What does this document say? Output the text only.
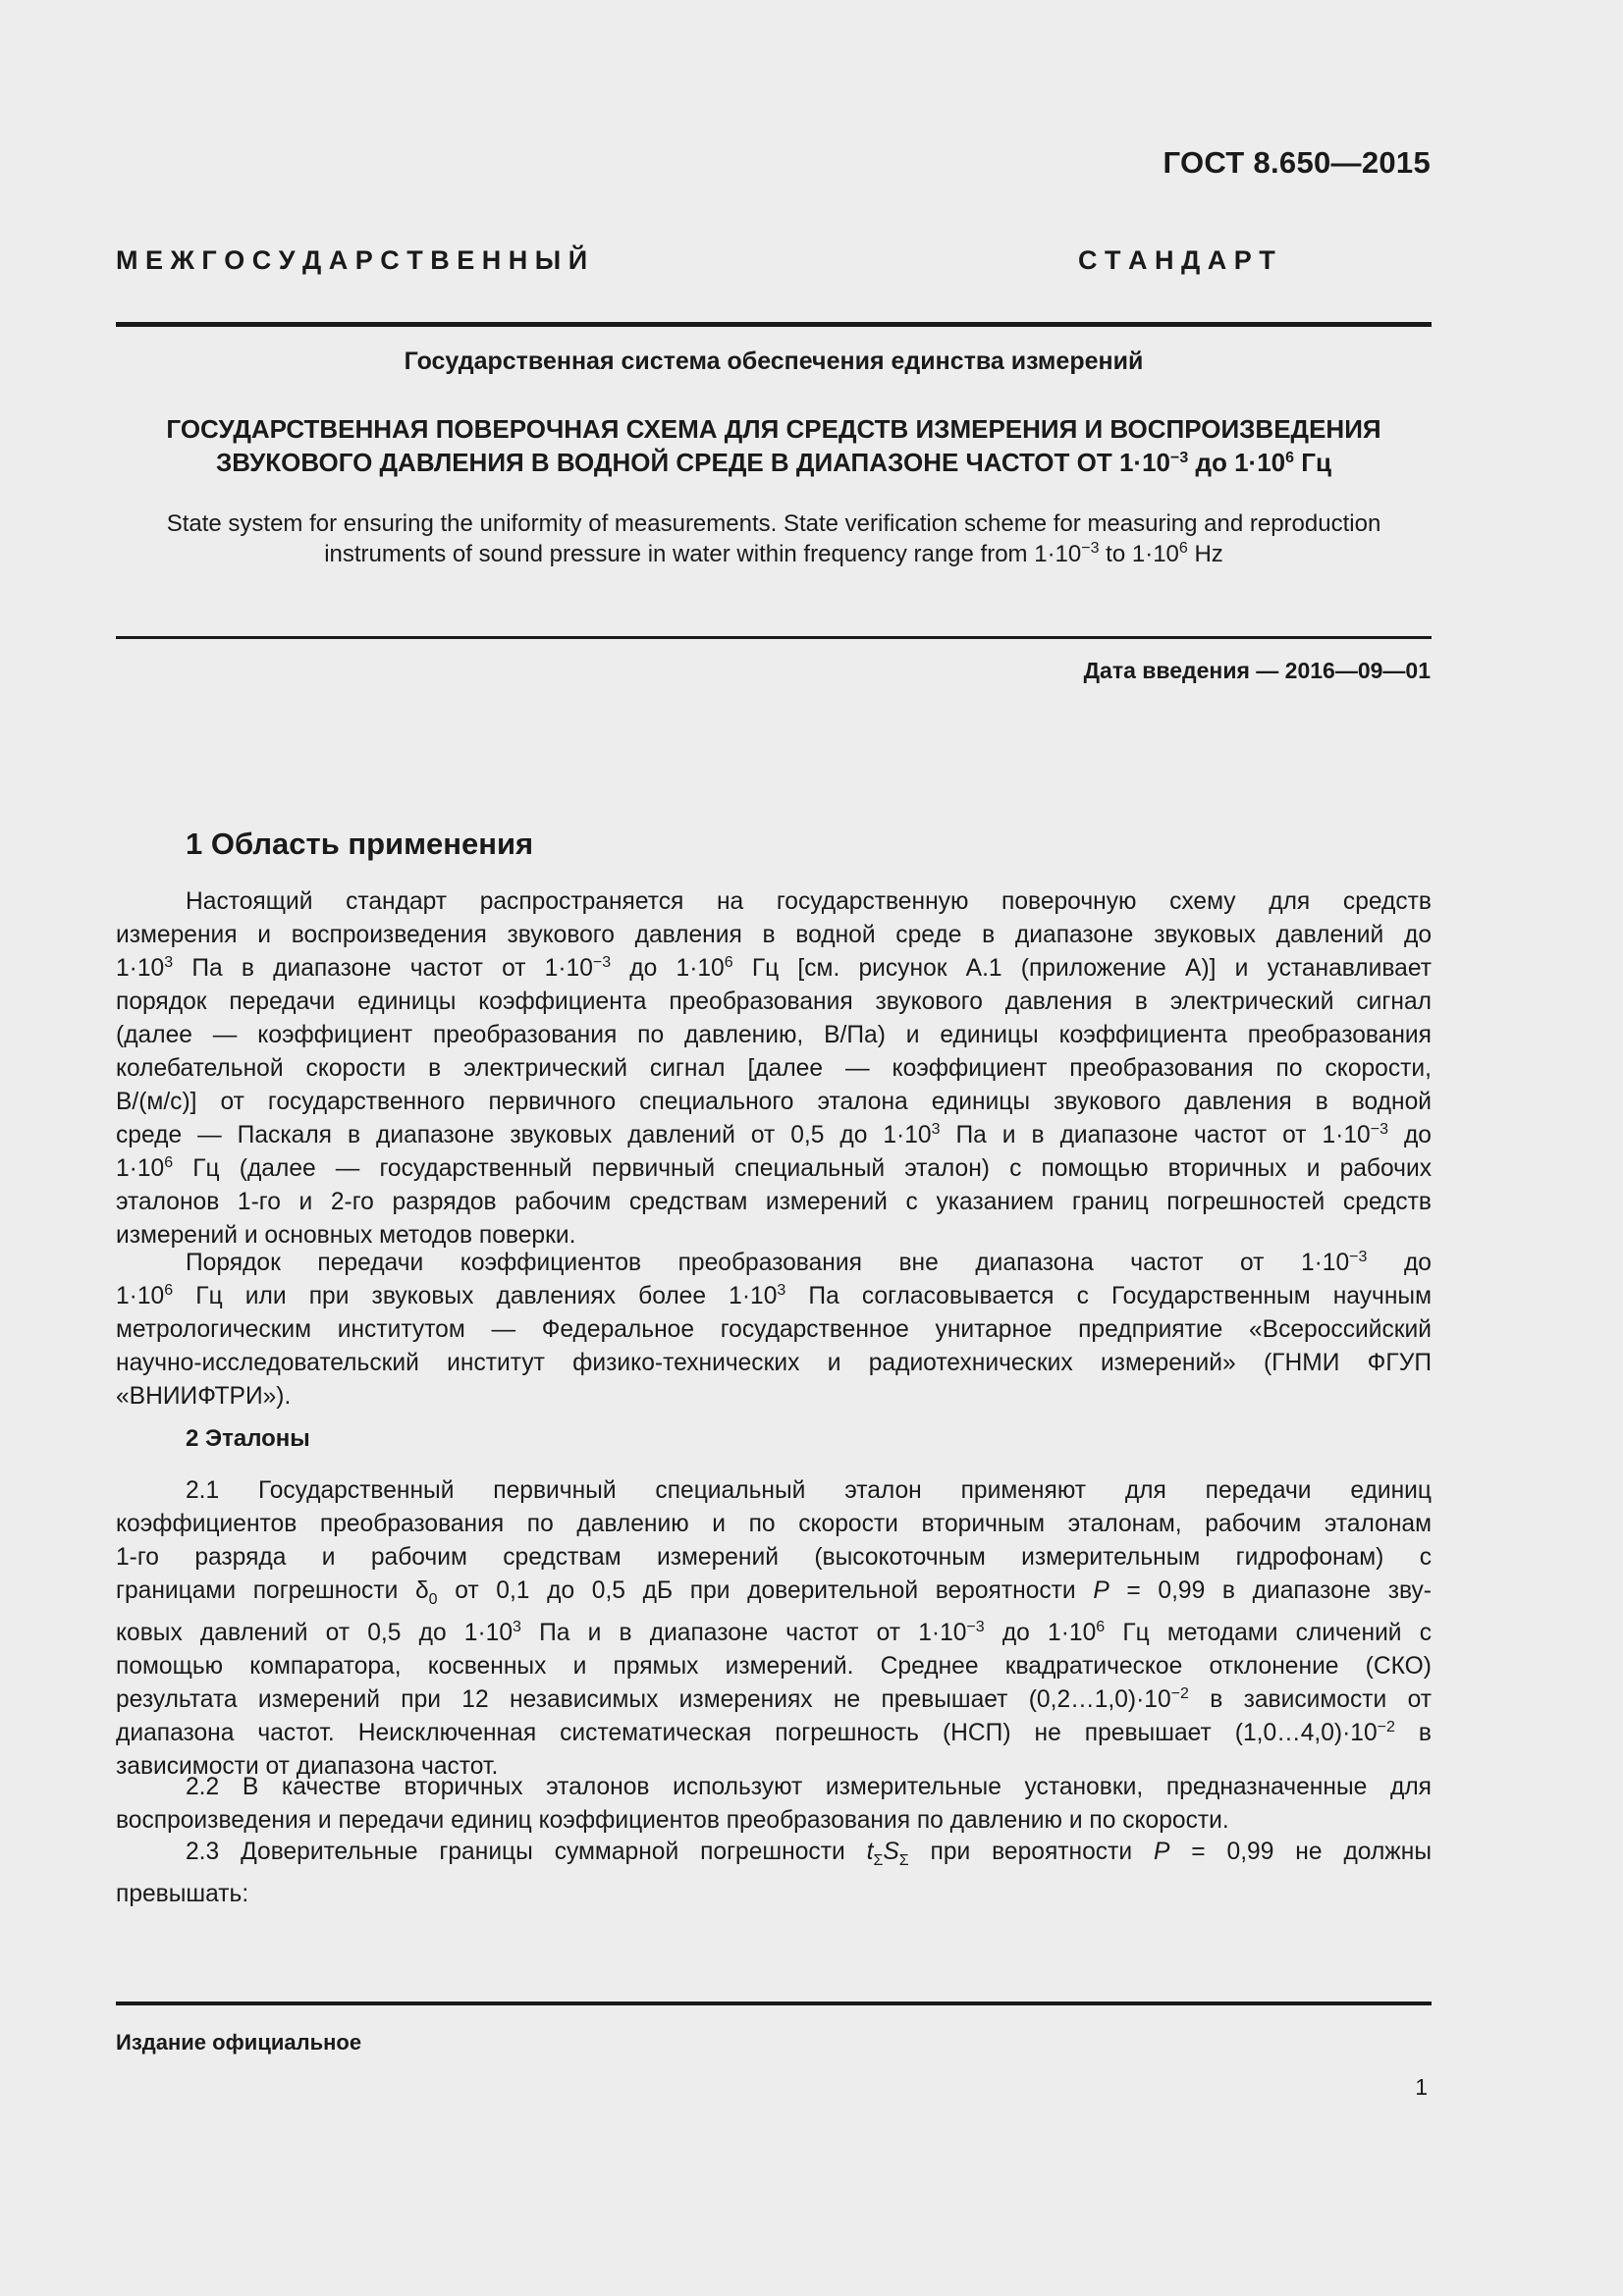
ГОСТ 8.650—2015
М Е Ж Г О С У Д А Р С Т В Е Н Н Ы Й	С Т А Н Д А Р Т
Государственная система обеспечения единства измерений
ГОСУДАРСТВЕННАЯ ПОВЕРОЧНАЯ СХЕМА ДЛЯ СРЕДСТВ ИЗМЕРЕНИЯ И ВОСПРОИЗВЕДЕНИЯ
ЗВУКОВОГО ДАВЛЕНИЯ В ВОДНОЙ СРЕДЕ В ДИАПАЗОНЕ ЧАСТОТ ОТ $1\cdot 10^{-3}$ до $1\cdot 10^6$ Гц
State system for ensuring the uniformity of measurements. State verification scheme for measuring and reproduction
instruments of sound pressure in water within frequency range from $1\cdot 10^{-3}$ to $1\cdot 10^6$ Hz
Дата введения — 2016—09—01
1 Область применения
Настоящий стандарт распространяется на государственную поверочную схему для средств
измерения и воспроизведения звукового давления в водной среде в диапазоне звуковых давлений до
$1\cdot 10^3$ Па в диапазоне частот от $1\cdot 10^{-3}$ до $1\cdot 10^6$ Гц [см. рисунок А.1 (приложение А)] и устанавливает
порядок передачи единицы коэффициента преобразования звукового давления в электрический сигнал
(далее — коэффициент преобразования по давлению, В/Па) и единицы коэффициента преобразования
колебательной скорости в электрический сигнал [далее — коэффициент преобразования по скорости,
В/(м/с)] от государственного первичного специального эталона единицы звукового давления в водной
среде — Паскаля в диапазоне звуковых давлений от 0,5 до $1\cdot 10^3$ Па и в диапазоне частот от $1\cdot 10^{-3}$ до
$1\cdot 10^6$ Гц (далее — государственный первичный специальный эталон) с помощью вторичных и рабочих
эталонов 1-го и 2-го разрядов рабочим средствам измерений с указанием границ погрешностей средств
измерений и основных методов поверки.
Порядок передачи коэффициентов преобразования вне диапазона частот от $1\cdot 10^{-3}$ до
$1\cdot 10^6$ Гц или при звуковых давлениях более $1\cdot 10^3$ Па согласовывается с Государственным научным
метрологическим институтом — Федеральное государственное унитарное предприятие «Всероссийский
научно-исследовательский институт физико-технических и радиотехнических измерений» (ГНМИ ФГУП
«ВНИИФТРИ»).
2 Эталоны
2.1 Государственный первичный специальный эталон применяют для передачи единиц
коэффициентов преобразования по давлению и по скорости вторичным эталонам, рабочим эталонам
1-го разряда и рабочим средствам измерений (высокоточным измерительным гидрофонам) с
границами погрешности $\delta_0$ от 0,1 до 0,5 дБ при доверительной вероятности P = 0,99 в диапазоне зву-
ковых давлений от 0,5 до $1\cdot 10^3$ Па и в диапазоне частот от $1\cdot 10^{-3}$ до $1\cdot 10^6$ Гц методами сличений с
помощью компаратора, косвенных и прямых измерений. Среднее квадратическое отклонение (СКО)
результата измерений при 12 независимых измерениях не превышает $(0,2\dots 1,0)\cdot 10^{-2}$ в зависимости от
диапазона частот. Неисключенная систематическая погрешность (НСП) не превышает $(1,0\dots 4,0)\cdot 10^{-2}$ в
зависимости от диапазона частот.
2.2 В качестве вторичных эталонов используют измерительные установки, предназначенные для
воспроизведения и передачи единиц коэффициентов преобразования по давлению и по скорости.
2.3 Доверительные границы суммарной погрешности $t_\Sigma S_\Sigma$ при вероятности P = 0,99 не должны
превышать:
Издание официальное
1
